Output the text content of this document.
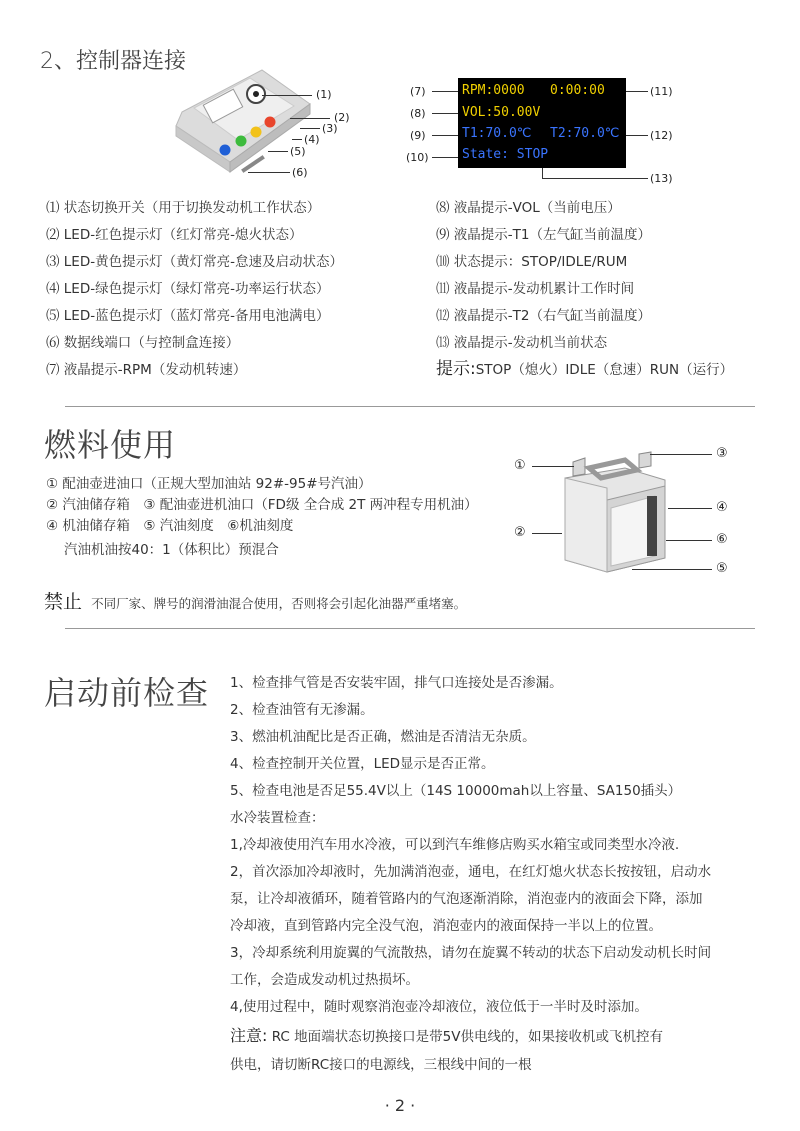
2、控制器连接
(1)
(2)
(3)
(4)
(5)
(6)
RPM:0000 0:00:00
VOL:50.00V
T1:70.0℃ T2:70.0℃
State: STOP
(7)
(8)
(9)
(10)
(11)
(12)
(13)
⑴ 状态切换开关（用于切换发动机工作状态）
⑵ LED-红色提示灯（红灯常亮-熄火状态）
⑶ LED-黄色提示灯（黄灯常亮-怠速及启动状态）
⑷ LED-绿色提示灯（绿灯常亮-功率运行状态）
⑸ LED-蓝色提示灯（蓝灯常亮-备用电池满电）
⑹ 数据线端口（与控制盒连接）
⑺ 液晶提示-RPM（发动机转速）
⑻ 液晶提示-VOL（当前电压）
⑼ 液晶提示-T1（左气缸当前温度）
⑽ 状态提示：STOP/IDLE/RUM
⑾ 液晶提示-发动机累计工作时间
⑿ 液晶提示-T2（右气缸当前温度）
⒀ 液晶提示-发动机当前状态
提示:STOP（熄火）IDLE（怠速）RUN（运行）
燃料使用
① 配油壶进油口（正规大型加油站 92#-95#号汽油）
② 汽油储存箱　③ 配油壶进机油口（FD级 全合成 2T 两冲程专用机油）
④ 机油储存箱　⑤ 汽油刻度　⑥机油刻度
汽油机油按40：1（体积比）预混合
①
②
③
④
⑤
⑥
禁止 不同厂家、牌号的润滑油混合使用，否则将会引起化油器严重堵塞。
启动前检查 1、检查排气管是否安装牢固，排气口连接处是否渗漏。
2、检查油管有无渗漏。
3、燃油机油配比是否正确，燃油是否清洁无杂质。
4、检查控制开关位置，LED显示是否正常。
5、检查电池是否足55.4V以上（14S 10000mah以上容量、SA150插头）
水冷装置检查：
1,冷却液使用汽车用水冷液，可以到汽车维修店购买水箱宝或同类型水冷液.
2，首次添加冷却液时，先加满消泡壶，通电，在红灯熄火状态长按按钮，启动水
泵，让冷却液循环，随着管路内的气泡逐渐消除，消泡壶内的液面会下降，添加
冷却液，直到管路内完全没气泡，消泡壶内的液面保持一半以上的位置。
3，冷却系统利用旋翼的气流散热，请勿在旋翼不转动的状态下启动发动机长时间
工作，会造成发动机过热损坏。
4,使用过程中，随时观察消泡壶冷却液位，液位低于一半时及时添加。
注意: RC 地面端状态切换接口是带5V供电线的，如果接收机或飞机控有
供电，请切断RC接口的电源线，三根线中间的一根
· 2 ·
